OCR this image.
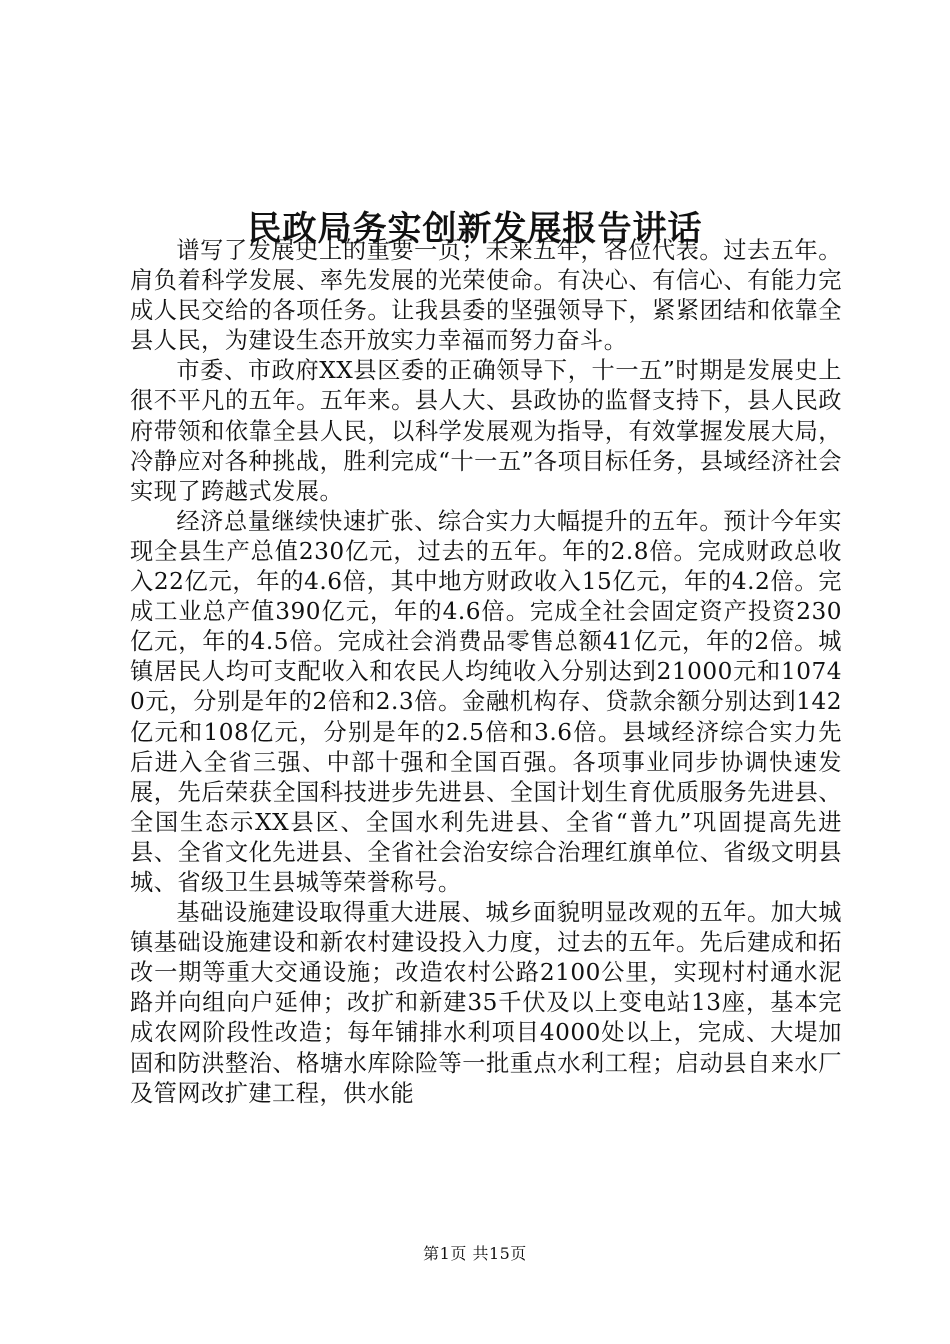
民政局务实创新发展报告讲话

谱写了发展史上的重要一页；未来五年，各位代表。过去五年。肩负着科学发展、率先发展的光荣使命。有决心、有信心、有能力完成人民交给的各项任务。让我县委的坚强领导下，紧紧团结和依靠全县人民，为建设生态开放实力幸福而努力奋斗。

市委、市政府XX县区委的正确领导下，十一五”时期是发展史上很不平凡的五年。五年来。县人大、县政协的监督支持下，县人民政府带领和依靠全县人民，以科学发展观为指导，有效掌握发展大局，冷静应对各种挑战，胜利完成“十一五”各项目标任务，县域经济社会实现了跨越式发展。

经济总量继续快速扩张、综合实力大幅提升的五年。预计今年实现全县生产总值230亿元，过去的五年。年的2.8倍。完成财政总收入22亿元，年的4.6倍，其中地方财政收入15亿元，年的4.2倍。完成工业总产值390亿元，年的4.6倍。完成全社会固定资产投资230亿元，年的4.5倍。完成社会消费品零售总额41亿元，年的2倍。城镇居民人均可支配收入和农民人均纯收入分别达到21000元和10740元，分别是年的2倍和2.3倍。金融机构存、贷款余额分别达到142亿元和108亿元，分别是年的2.5倍和3.6倍。县域经济综合实力先后进入全省三强、中部十强和全国百强。各项事业同步协调快速发展，先后荣获全国科技进步先进县、全国计划生育优质服务先进县、全国生态示XX县区、全国水利先进县、全省“普九”巩固提高先进县、全省文化先进县、全省社会治安综合治理红旗单位、省级文明县城、省级卫生县城等荣誉称号。

基础设施建设取得重大进展、城乡面貌明显改观的五年。加大城镇基础设施建设和新农村建设投入力度，过去的五年。先后建成和拓改一期等重大交通设施；改造农村公路2100公里，实现村村通水泥路并向组向户延伸；改扩和新建35千伏及以上变电站13座，基本完成农网阶段性改造；每年铺排水利项目4000处以上，完成、大堤加固和防洪整治、格塘水库除险等一批重点水利工程；启动县自来水厂及管网改扩建工程，供水能

第1页 共15页
